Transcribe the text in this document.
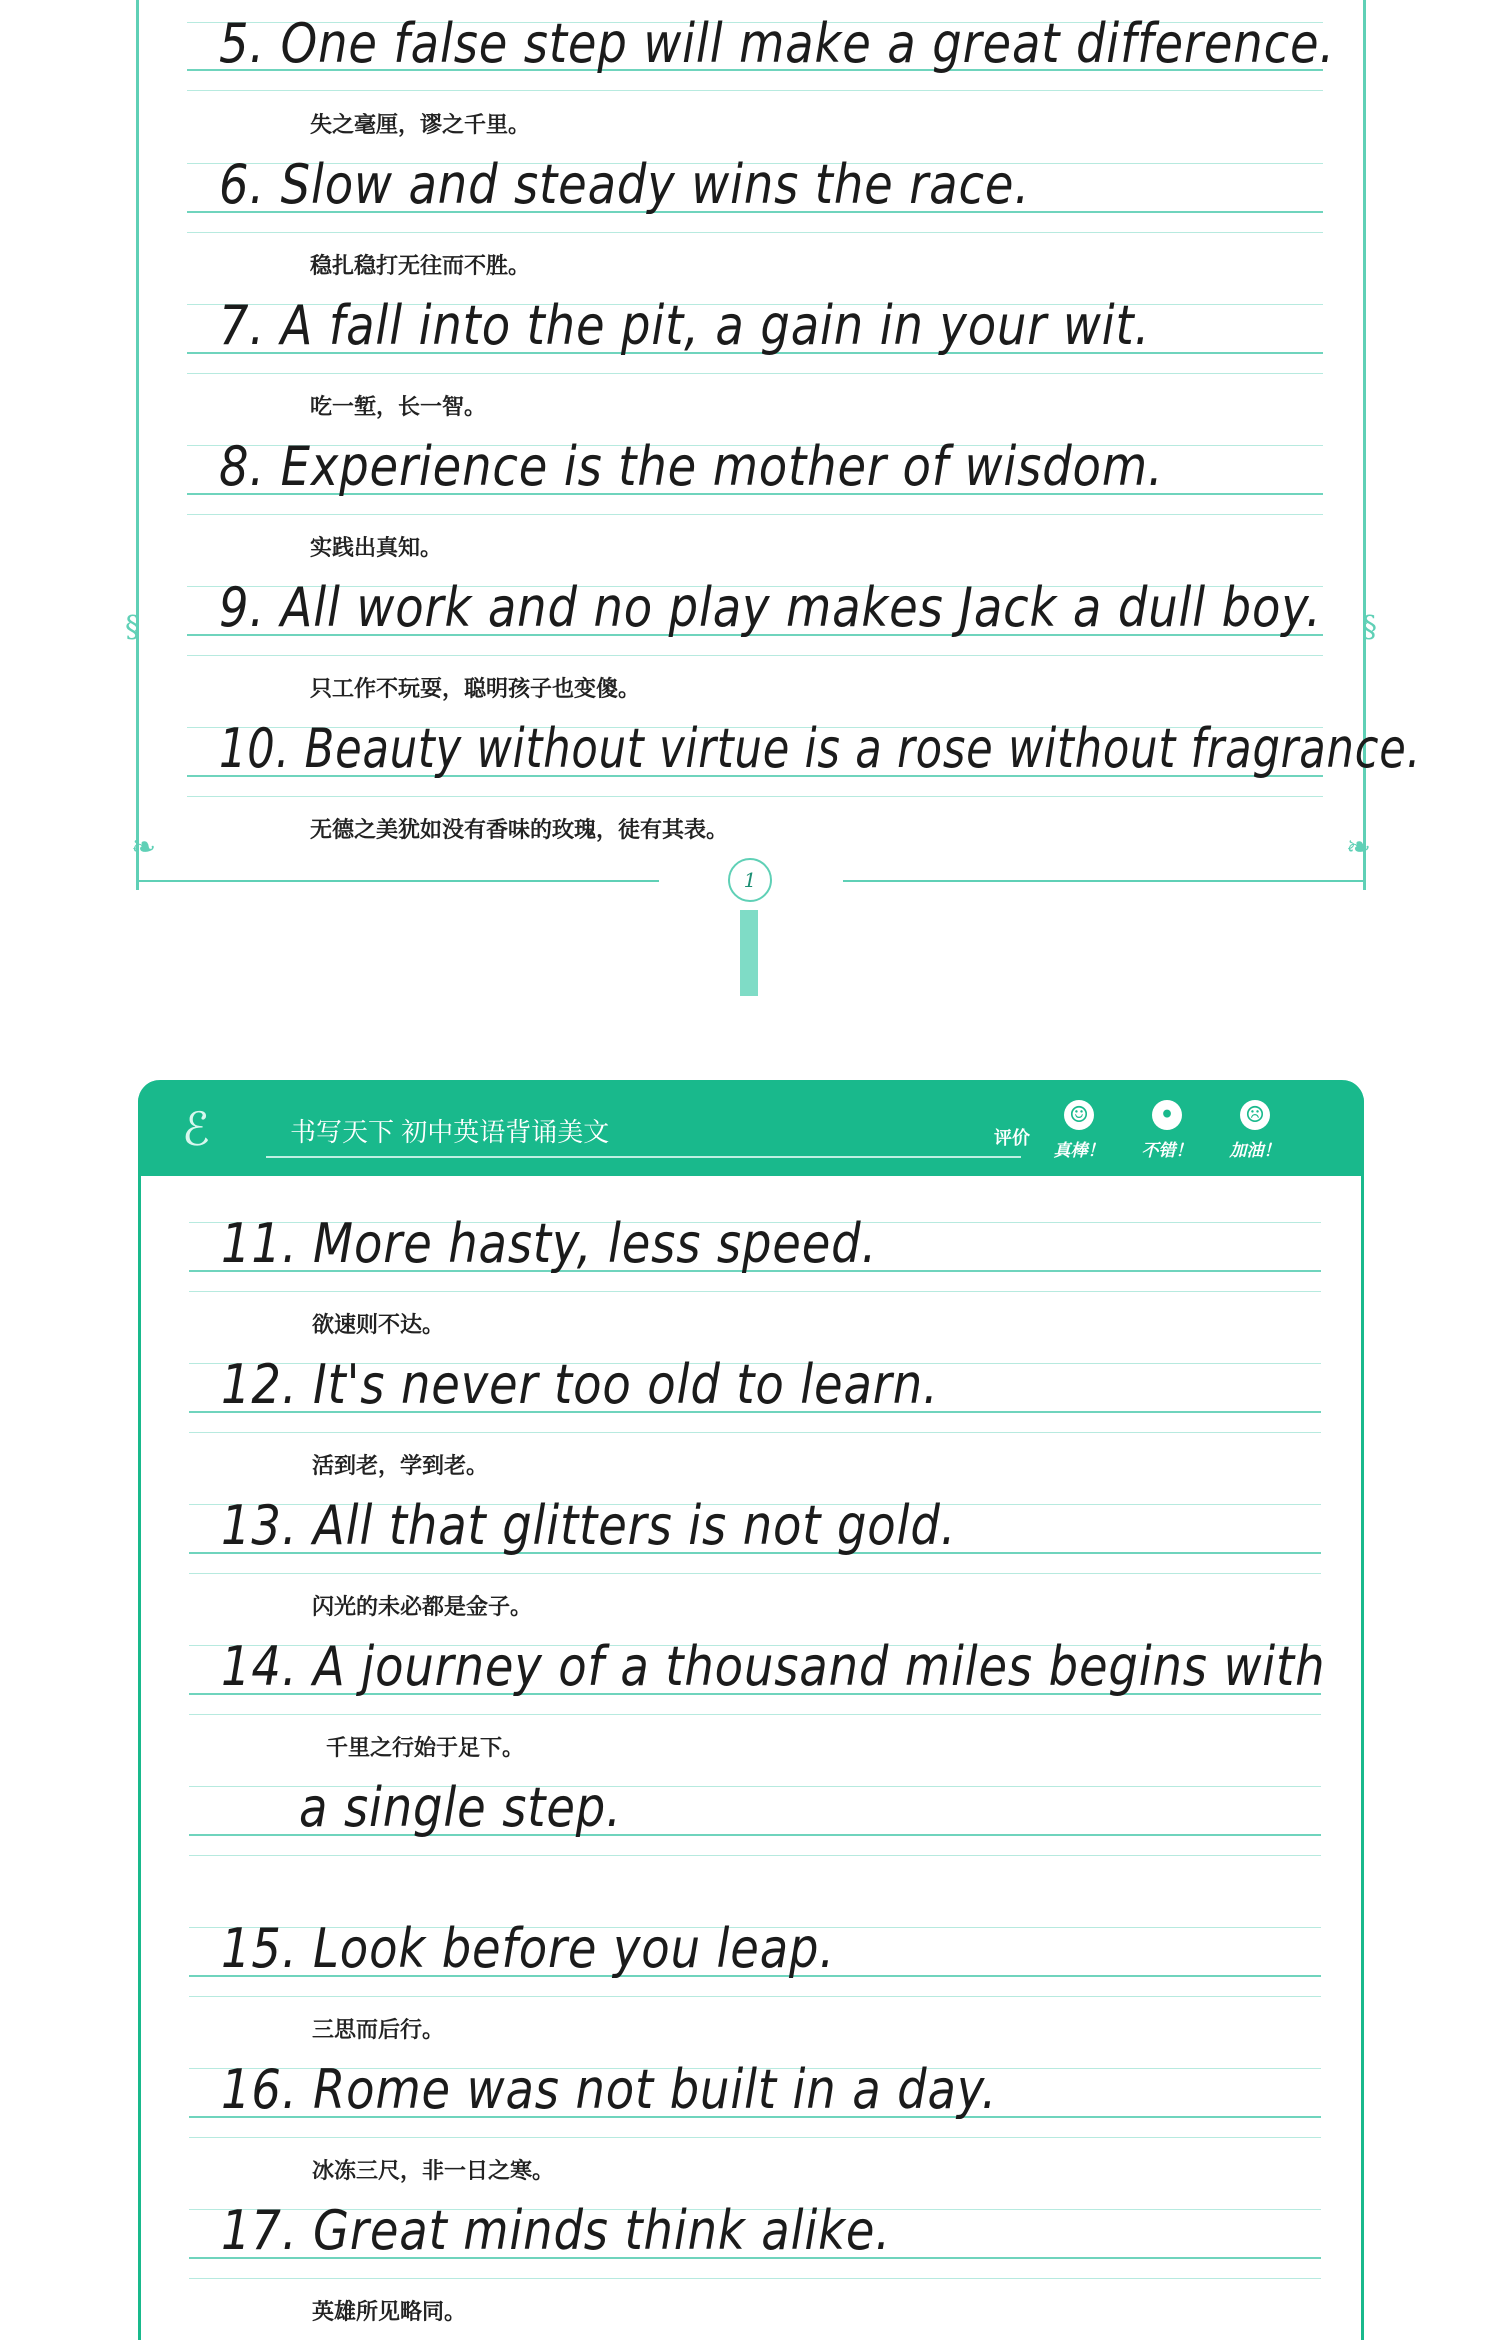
5. One false step will make a great difference.
失之毫厘，谬之千里。
6. Slow and steady wins the race.
稳扎稳打无往而不胜。
7. A fall into the pit, a gain in your wit.
吃一堑，长一智。
8. Experience is the mother of wisdom.
实践出真知。
9. All work and no play makes Jack a dull boy.
只工作不玩耍，聪明孩子也变傻。
10. Beauty without virtue is a rose without fragrance.
无德之美犹如没有香味的玫瑰，徒有其表。
§	§
❧	❧
1
ℰ	书写天下 初中英语背诵美文	评价
☺
真棒！
•
不错！
☹
加油！
11. More hasty, less speed.
欲速则不达。
12. It's never too old to learn.
活到老，学到老。
13. All that glitters is not gold.
闪光的未必都是金子。
14. A journey of a thousand miles begins with
千里之行始于足下。
a single step.
15. Look before you leap.
三思而后行。
16. Rome was not built in a day.
冰冻三尺，非一日之寒。
17. Great minds think alike.
英雄所见略同。
